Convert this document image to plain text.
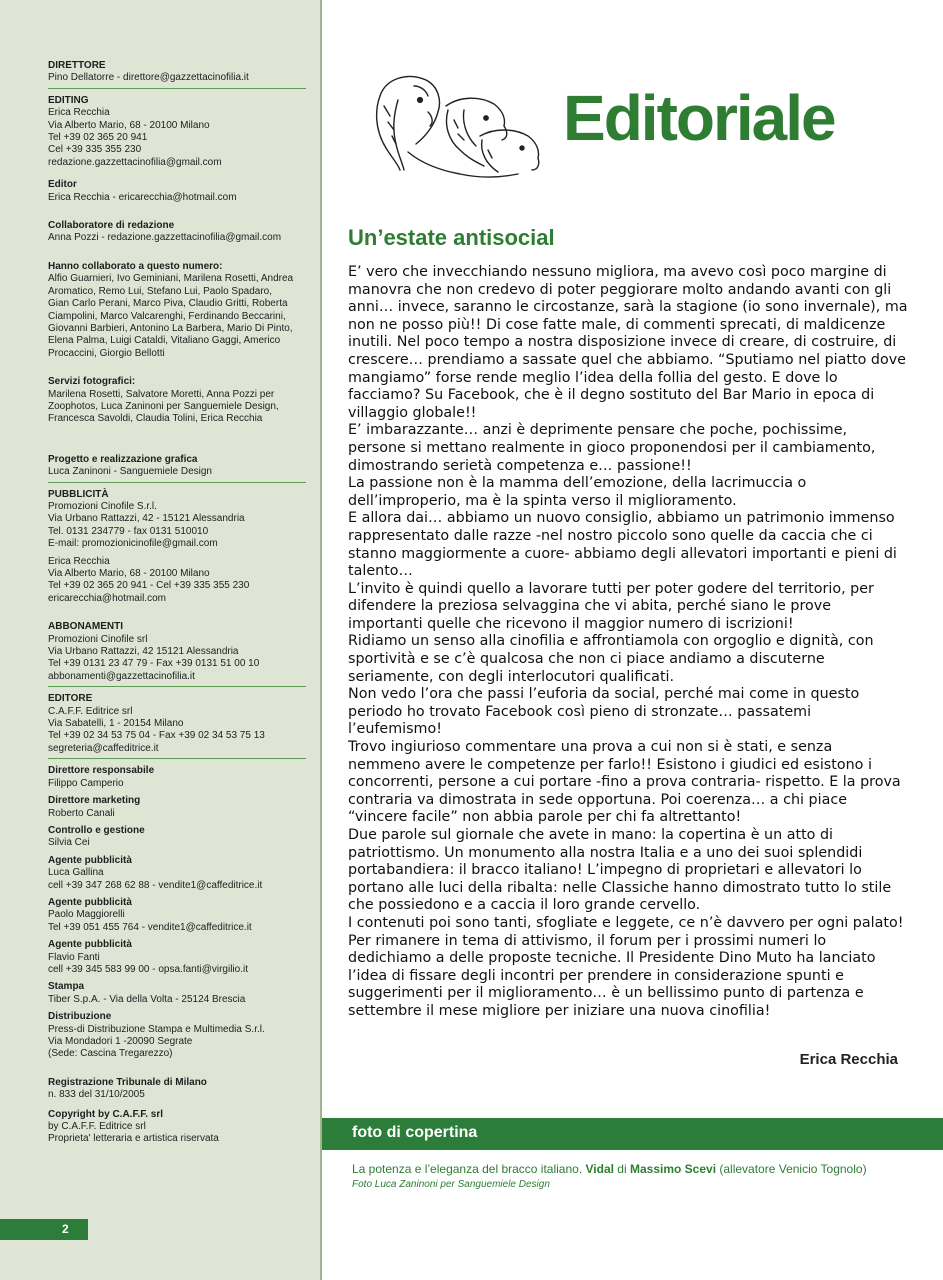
DIRETTORE
Pino Dellatorre - direttore@gazzettacinofilia.it
EDITING
Erica Recchia
Via Alberto Mario, 68 - 20100 Milano
Tel +39 02 365 20 941
Cel +39 335 355 230
redazione.gazzettacinofilia@gmail.com
Editor
Erica Recchia - ericarecchia@hotmail.com
Collaboratore di redazione
Anna Pozzi - redazione.gazzettacinofilia@gmail.com
Hanno collaborato a questo numero:
Alfio Guarnieri, Ivo Geminiani, Marilena Rosetti, Andrea
Aromatico, Remo Lui, Stefano Lui, Paolo Spadaro,
Gian Carlo Perani, Marco Piva, Claudio Gritti, Roberta
Ciampolini, Marco Valcarenghi, Ferdinando Beccarini,
Giovanni Barbieri, Antonino La Barbera, Mario Di Pinto,
Elena Palma, Luigi Cataldi, Vitaliano Gaggi, Americo
Procaccini, Giorgio Bellotti
Servizi fotografici:
Marilena Rosetti, Salvatore Moretti, Anna Pozzi per
Zoophotos, Luca Zaninoni per Sanguemiele Design,
Francesca Savoldi, Claudia Tolini, Erica Recchia
Progetto e realizzazione grafica
Luca Zaninoni - Sanguemiele Design
PUBBLICITÀ
Promozioni Cinofile S.r.l.
Via Urbano Rattazzi, 42 - 15121 Alessandria
Tel. 0131 234779 - fax 0131 510010
E-mail: promozionicinofile@gmail.com
Erica Recchia
Via Alberto Mario, 68 - 20100 Milano
Tel +39 02 365 20 941 - Cel +39 335 355 230
ericarecchia@hotmail.com
ABBONAMENTI
Promozioni Cinofile srl
Via Urbano Rattazzi, 42 15121 Alessandria
Tel +39 0131 23 47 79 - Fax +39 0131 51 00 10
abbonamenti@gazzettacinofilia.it
EDITORE
C.A.F.F. Editrice srl
Via Sabatelli, 1 - 20154 Milano
Tel +39 02 34 53 75 04 - Fax +39 02 34 53 75 13
segreteria@caffeditrice.it
Direttore responsabile
Filippo Camperio
Direttore marketing
Roberto Canali
Controllo e gestione
Silvia Cei
Agente pubblicità
Luca Gallina
cell +39 347 268 62 88 - vendite1@caffeditrice.it
Agente pubblicità
Paolo Maggiorelli
Tel +39 051 455 764 - vendite1@caffeditrice.it
Agente pubblicità
Flavio Fanti
cell +39 345 583 99 00 - opsa.fanti@virgilio.it
Stampa
Tiber S.p.A. - Via della Volta - 25124 Brescia
Distribuzione
Press-di Distribuzione Stampa e Multimedia S.r.l.
Via Mondadori 1 -20090 Segrate
(Sede: Cascina Tregarezzo)
Registrazione Tribunale di Milano
n. 833 del 31/10/2005
Copyright by C.A.F.F. srl
by C.A.F.F. Editrice srl
Proprieta' letteraria e artistica riservata
2
Editoriale
Un’estate antisocial

E’ vero che invecchiando nessuno migliora, ma avevo così poco margine di manovra che non credevo di poter peggiorare molto andando avanti con gli anni… invece, saranno le circostanze, sarà la stagione (io sono invernale), ma non ne posso più!! Di cose fatte male, di commenti sprecati, di maldicenze inutili. Nel poco tempo a nostra disposizione invece di creare, di costruire, di crescere… prendiamo a sassate quel che abbiamo. “Sputiamo nel piatto dove mangiamo” forse rende meglio l’idea della follia del gesto. E dove lo facciamo? Su Facebook, che è il degno sostituto del Bar Mario in epoca di villaggio globale!!

E’ imbarazzante… anzi è deprimente pensare che poche, pochissime, persone si mettano realmente in gioco proponendosi per il cambiamento, dimostrando serietà competenza e… passione!!

La passione non è la mamma dell’emozione, della lacrimuccia o dell’improperio, ma è la spinta verso il miglioramento.

E allora dai… abbiamo un nuovo consiglio, abbiamo un patrimonio immenso rappresentato dalle razze -nel nostro piccolo sono quelle da caccia che ci stanno maggiormente a cuore- abbiamo degli allevatori importanti e pieni di talento…

L’invito è quindi quello a lavorare tutti per poter godere del territorio, per difendere la preziosa selvaggina che vi abita, perché siano le prove importanti quelle che ricevono il maggior numero di iscrizioni!

Ridiamo un senso alla cinofilia e affrontiamola con orgoglio e dignità, con sportività e se c’è qualcosa che non ci piace andiamo a discuterne seriamente, con degli interlocutori qualificati.

Non vedo l’ora che passi l’euforia da social, perché mai come in questo periodo ho trovato Facebook così pieno di stronzate… passatemi l’eufemismo!

Trovo ingiurioso commentare una prova a cui non si è stati, e senza nemmeno avere le competenze per farlo!! Esistono i giudici ed esistono i concorrenti, persone a cui portare -fino a prova contraria- rispetto. E la prova contraria va dimostrata in sede opportuna. Poi coerenza… a chi piace “vincere facile” non abbia parole per chi fa altrettanto!

Due parole sul giornale che avete in mano: la copertina è un atto di patriottismo. Un monumento alla nostra Italia e a uno dei suoi splendidi portabandiera: il bracco italiano! L’impegno di proprietari e allevatori lo portano alle luci della ribalta: nelle Classiche hanno dimostrato tutto lo stile che possiedono e a caccia il loro grande cervello.

I contenuti poi sono tanti, sfogliate e leggete, ce n’è davvero per ogni palato!

Per rimanere in tema di attivismo, il forum per i prossimi numeri lo dedichiamo a delle proposte tecniche. Il Presidente Dino Muto ha lanciato l’idea di fissare degli incontri per prendere in considerazione spunti e suggerimenti per il miglioramento… è un bellissimo punto di partenza e settembre il mese migliore per iniziare una nuova cinofilia!

Erica Recchia
foto di copertina
La potenza e l’eleganza del bracco italiano. Vidal di Massimo Scevi (allevatore Venicio Tognolo)
Foto Luca Zaninoni per Sanguemiele Design
